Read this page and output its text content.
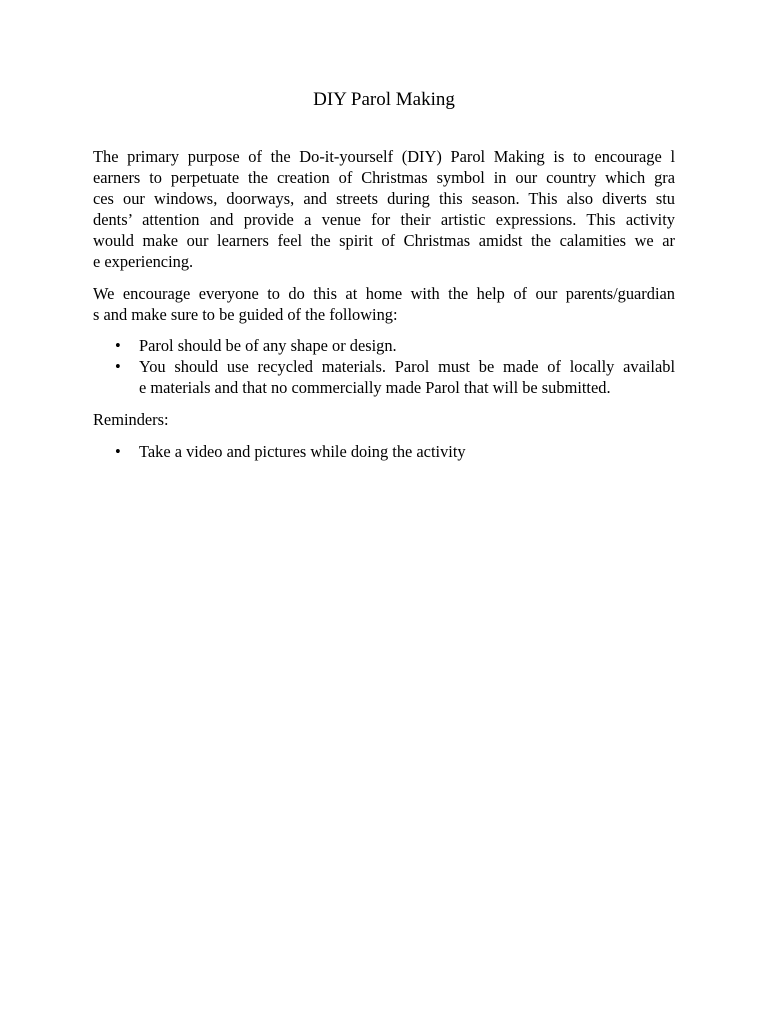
DIY Parol Making

The primary purpose of the Do-it-yourself (DIY) Parol Making is to encourage l
earners to perpetuate the creation of Christmas symbol in our country which gra
ces our windows, doorways, and streets during this season. This also diverts stu
dents’ attention and provide a venue for their artistic expressions. This activity
would make our learners feel the spirit of Christmas amidst the calamities we ar
e experiencing.

We encourage everyone to do this at home with the help of our parents/guardian
s and make sure to be guided of the following:

• Parol should be of any shape or design.
• You should use recycled materials. Parol must be made of locally availabl
e materials and that no commercially made Parol that will be submitted.

Reminders:

• Take a video and pictures while doing the activity
